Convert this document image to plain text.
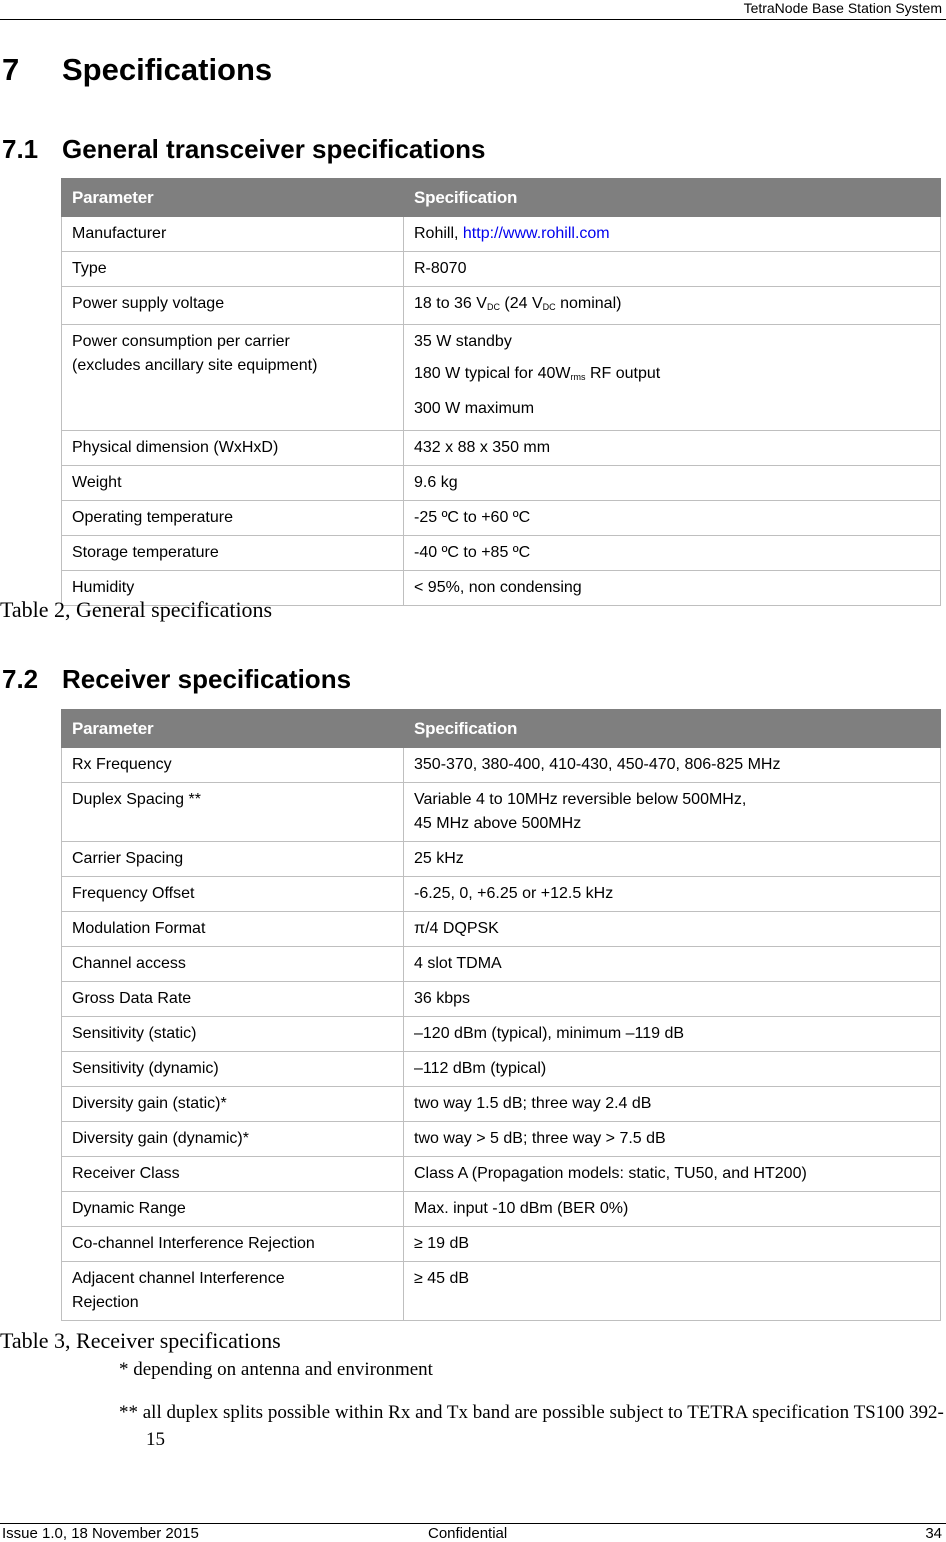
TetraNode Base Station System
7 Specifications
7.1 General transceiver specifications
Parameter	Specification
Manufacturer	Rohill, http://www.rohill.com
Type	R-8070
Power supply voltage	18 to 36 $V_{DC}$ (24 $V_{DC}$ nominal)

Power consumption per carrier
(excludes ancillary site equipment)	35 W standby
180 W typical for $40W_{rms}$ RF output
300 W maximum

Physical dimension (WxHxD)	432 x 88 x 350 mm
Weight	9.6 kg
Operating temperature	-25 ºC to +60 ºC
Storage temperature	-40 ºC to +85 ºC
Humidity	< 95%, non condensing
Table 2, General specifications
7.2 Receiver specifications
Parameter	Specification
Rx Frequency	350-370, 380-400, 410-430, 450-470, 806-825 MHz
Duplex Spacing **	Variable 4 to 10MHz reversible below 500MHz,
45 MHz above 500MHz

Carrier Spacing	25 kHz
Frequency Offset	-6.25, 0, +6.25 or +12.5 kHz
Modulation Format	π/4 DQPSK
Channel access	4 slot TDMA
Gross Data Rate	36 kbps
Sensitivity (static)	–120 dBm (typical), minimum –119 dB
Sensitivity (dynamic)	–112 dBm (typical)
Diversity gain (static)*	two way 1.5 dB; three way 2.4 dB
Diversity gain (dynamic)*	two way > 5 dB; three way > 7.5 dB
Receiver Class	Class A (Propagation models: static, TU50, and HT200)
Dynamic Range	Max. input -10 dBm (BER 0%)
Co-channel Interference Rejection	≥ 19 dB

Adjacent channel Interference
Rejection	≥ 45 dB
Table 3, Receiver specifications
* depending on antenna and environment
** all duplex splits possible within Rx and Tx band are possible subject to TETRA specification TS100 392-15
Issue 1.0, 18 November 2015	Confidential	34
